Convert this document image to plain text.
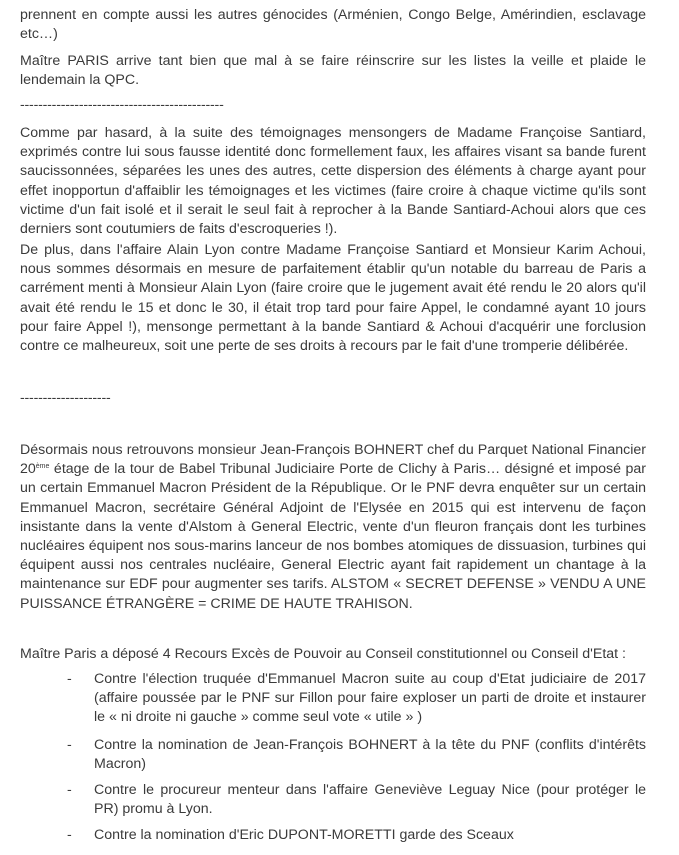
prennent en compte aussi les autres génocides (Arménien, Congo Belge, Amérindien, esclavage etc…)

Maître PARIS arrive tant bien que mal à se faire réinscrire sur les listes la veille et plaide le lendemain la QPC.

---------------------------------------------

Comme par hasard, à la suite des témoignages mensongers de Madame Françoise Santiard, exprimés contre lui sous fausse identité donc formellement faux, les affaires visant sa bande furent saucissonnées, séparées les unes des autres, cette dispersion des éléments à charge ayant pour effet inopportun d'affaiblir les témoignages et les victimes (faire croire à chaque victime qu'ils sont victime d'un fait isolé et il serait le seul fait à reprocher à la Bande Santiard-Achoui alors que ces derniers sont coutumiers de faits d'escroqueries !).

De plus, dans l'affaire Alain Lyon contre Madame Françoise Santiard et Monsieur Karim Achoui, nous sommes désormais en mesure de parfaitement établir qu'un notable du barreau de Paris a carrément menti à Monsieur Alain Lyon (faire croire que le jugement avait été rendu le 20 alors qu'il avait été rendu le 15 et donc le 30, il était trop tard pour faire Appel, le condamné ayant 10 jours pour faire Appel !), mensonge permettant à la bande Santiard & Achoui d'acquérir une forclusion contre ce malheureux, soit une perte de ses droits à recours par le fait d'une tromperie délibérée.

--------------------

Désormais nous retrouvons monsieur Jean-François BOHNERT chef du Parquet National Financier 20ème étage de la tour de Babel Tribunal Judiciaire Porte de Clichy à Paris… désigné et imposé par un certain Emmanuel Macron Président de la République. Or le PNF devra enquêter sur un certain Emmanuel Macron, secrétaire Général Adjoint de l'Elysée en 2015 qui est intervenu de façon insistante dans la vente d'Alstom à General Electric, vente d'un fleuron français dont les turbines nucléaires équipent nos sous-marins lanceur de nos bombes atomiques de dissuasion, turbines qui équipent aussi nos centrales nucléaire, General Electric ayant fait rapidement un chantage à la maintenance sur EDF pour augmenter ses tarifs. ALSTOM « SECRET DEFENSE » VENDU A UNE PUISSANCE ÉTRANGÈRE = CRIME DE HAUTE TRAHISON.

Maître Paris a déposé 4 Recours Excès de Pouvoir au Conseil constitutionnel ou Conseil d'Etat :

- Contre l'élection truquée d'Emmanuel Macron suite au coup d'Etat judiciaire de 2017 (affaire poussée par le PNF sur Fillon pour faire exploser un parti de droite et instaurer le « ni droite ni gauche » comme seul vote « utile » )

- Contre la nomination de Jean-François BOHNERT à la tête du PNF (conflits d'intérêts Macron)

- Contre le procureur menteur dans l'affaire Geneviève Leguay Nice (pour protéger le PR) promu à Lyon.

- Contre la nomination d'Eric DUPONT-MORETTI garde des Sceaux
